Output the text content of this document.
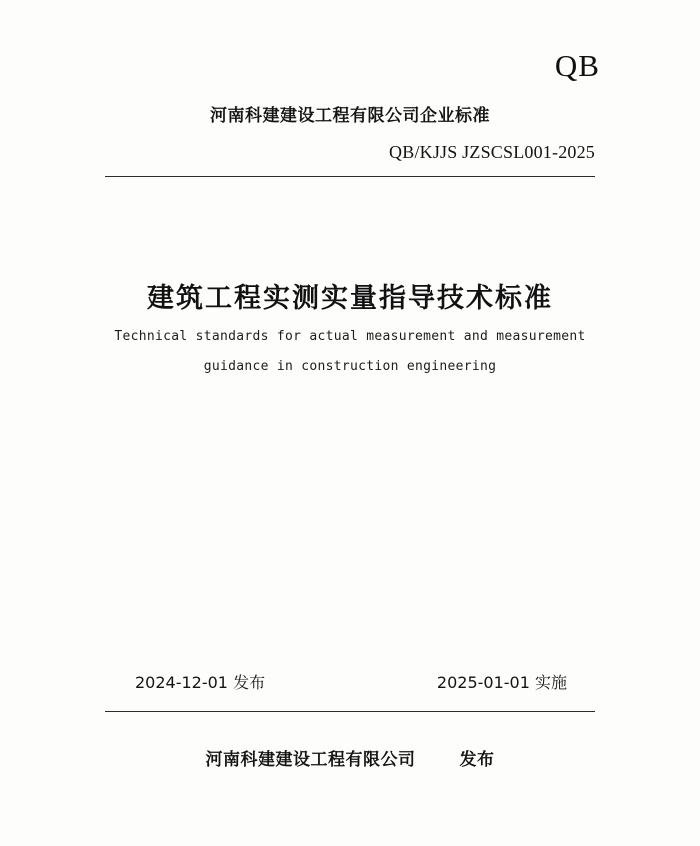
QB
河南科建建设工程有限公司企业标准
QB/KJJS JZSCSL001-2025
建筑工程实测实量指导技术标准
Technical standards for actual measurement and measurement
guidance in construction engineering
2024-12-01 发布	2025-01-01 实施
河南科建建设工程有限公司	发布
